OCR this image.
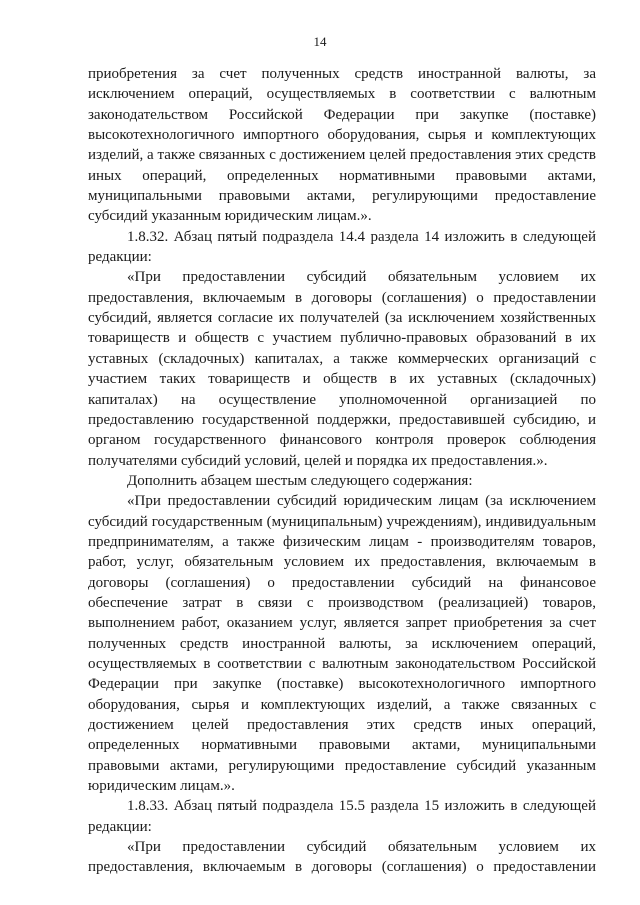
14

приобретения за счет полученных средств иностранной валюты, за исключением операций, осуществляемых в соответствии с валютным законодательством Российской Федерации при закупке (поставке) высокотехнологичного импортного оборудования, сырья и комплектующих изделий, а также связанных с достижением целей предоставления этих средств иных операций, определенных нормативными правовыми актами, муниципальными правовыми актами, регулирующими предоставление субсидий указанным юридическим лицам.».

1.8.32. Абзац пятый подраздела 14.4 раздела 14 изложить в следующей редакции:

«При предоставлении субсидий обязательным условием их предоставления, включаемым в договоры (соглашения) о предоставлении субсидий, является согласие их получателей (за исключением хозяйственных товариществ и обществ с участием публично-правовых образований в их уставных (складочных) капиталах, а также коммерческих организаций с участием таких товариществ и обществ в их уставных (складочных) капиталах) на осуществление уполномоченной организацией по предоставлению государственной поддержки, предоставившей субсидию, и органом государственного финансового контроля проверок соблюдения получателями субсидий условий, целей и порядка их предоставления.».

Дополнить абзацем шестым следующего содержания:

«При предоставлении субсидий юридическим лицам (за исключением субсидий государственным (муниципальным) учреждениям), индивидуальным предпринимателям, а также физическим лицам - производителям товаров, работ, услуг, обязательным условием их предоставления, включаемым в договоры (соглашения) о предоставлении субсидий на финансовое обеспечение затрат в связи с производством (реализацией) товаров, выполнением работ, оказанием услуг, является запрет приобретения за счет полученных средств иностранной валюты, за исключением операций, осуществляемых в соответствии с валютным законодательством Российской Федерации при закупке (поставке) высокотехнологичного импортного оборудования, сырья и комплектующих изделий, а также связанных с достижением целей предоставления этих средств иных операций, определенных нормативными правовыми актами, муниципальными правовыми актами, регулирующими предоставление субсидий указанным юридическим лицам.».

1.8.33. Абзац пятый подраздела 15.5 раздела 15 изложить в следующей редакции:

«При предоставлении субсидий обязательным условием их предоставления, включаемым в договоры (соглашения) о предоставлении
